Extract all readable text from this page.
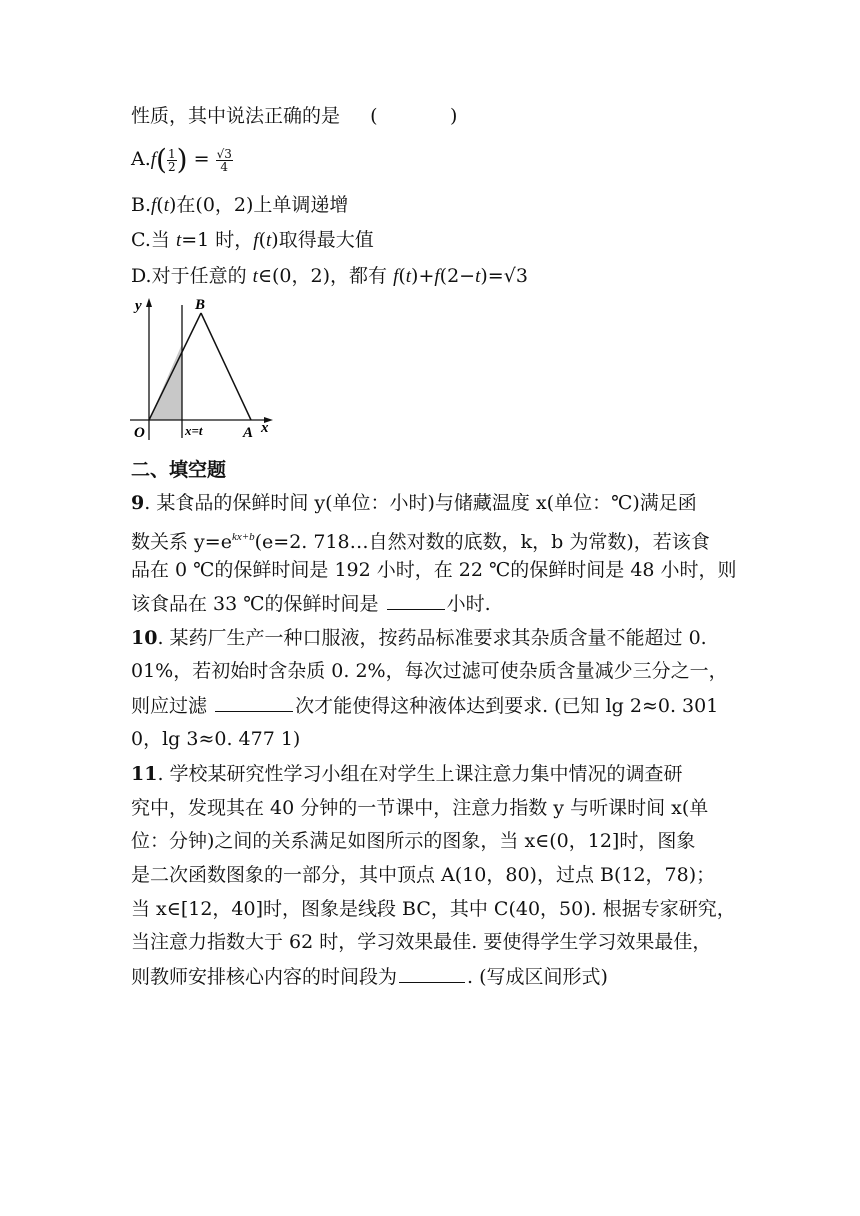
性质，其中说法正确的是 (            )
$A.f( \frac{1}{2}$ ) = $\frac{√3}{4}$
B.f(t)在(0，2)上单调递增
C.当 t=1 时，f(t)取得最大值
D.对于任意的 t∈(0，2)，都有 f(t)+f(2−t)=√3
y	B
O	x=t	A x
二、填空题
9. 某食品的保鲜时间 y(单位：小时)与储藏温度 x(单位：℃)满足函
数关系 $y=e^{kx+b}(e=2$. 718…自然对数的底数，k，b 为常数)，若该食
品在 0 ℃的保鲜时间是 192 小时，在 22 ℃的保鲜时间是 48 小时，则
该食品在 33 ℃的保鲜时间是	小时.
10. 某药厂生产一种口服液，按药品标准要求其杂质含量不能超过 0.
01%，若初始时含杂质 0. 2%，每次过滤可使杂质含量减少三分之一，
则应过滤	次才能使得这种液体达到要求. (已知 lg 2≈0. 301
0，lg 3≈0. 477 1)
11. 学校某研究性学习小组在对学生上课注意力集中情况的调查研
究中，发现其在 40 分钟的一节课中，注意力指数 y 与听课时间 x(单
位：分钟)之间的关系满足如图所示的图象，当 x∈(0，12]时，图象
是二次函数图象的一部分，其中顶点 A(10，80)，过点 B(12，78)；
当 x∈[12，40]时，图象是线段 BC，其中 C(40，50). 根据专家研究，
当注意力指数大于 62 时，学习效果最佳. 要使得学生学习效果最佳，
则教师安排核心内容的时间段为	. (写成区间形式)
